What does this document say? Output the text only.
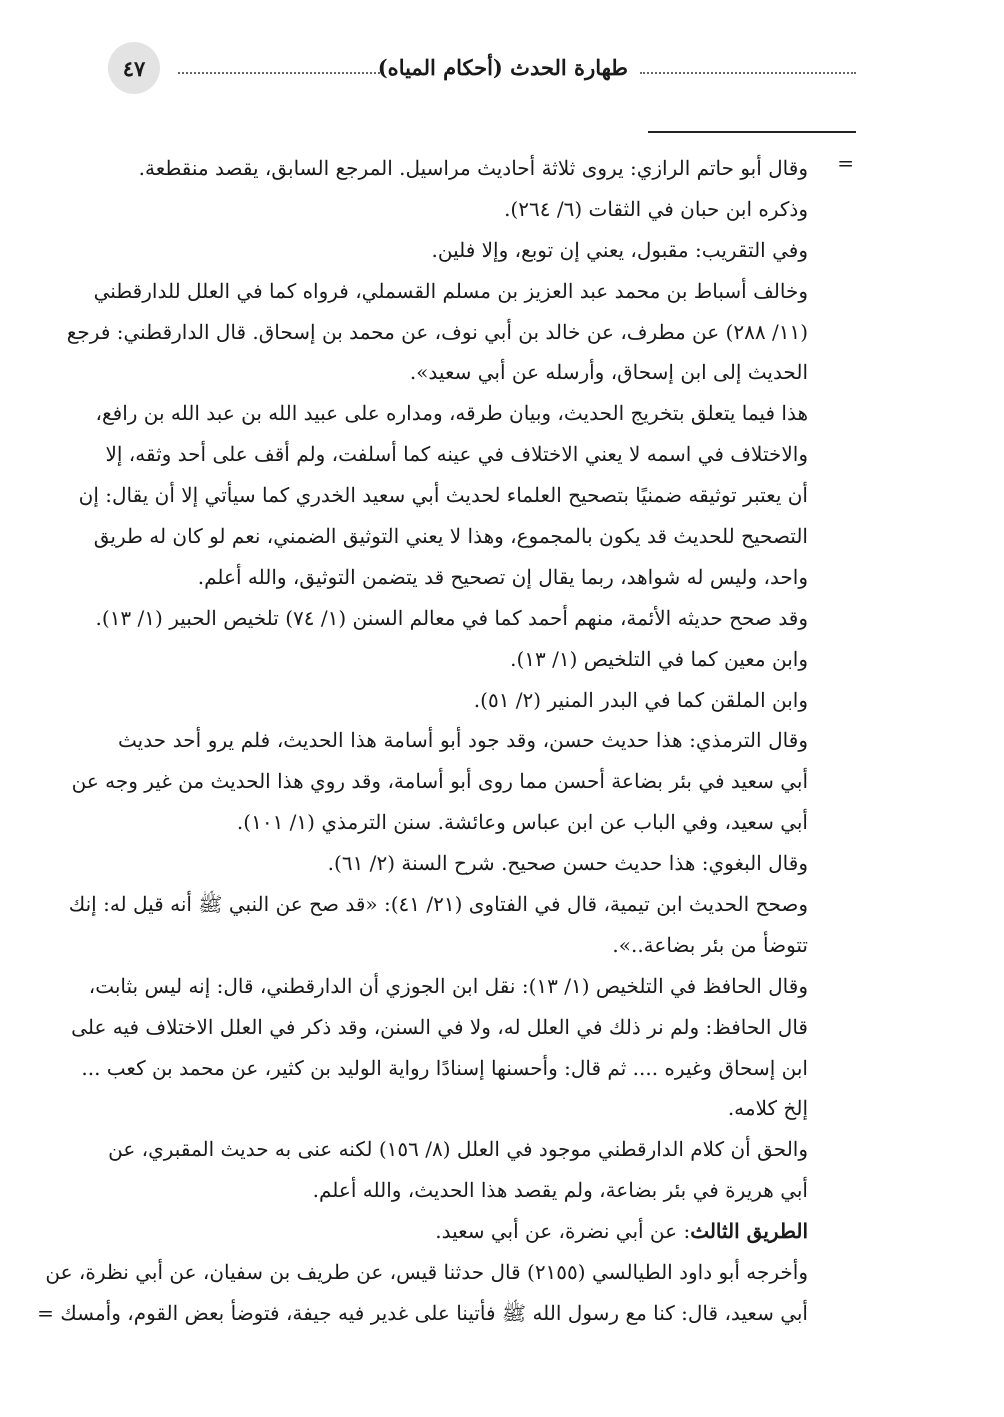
٤٧	طهارة الحدث (أحكام المياه)
=
وقال أبو حاتم الرازي: يروى ثلاثة أحاديث مراسيل. المرجع السابق، يقصد منقطعة.
وذكره ابن حبان في الثقات (٦/ ٢٦٤).
وفي التقريب: مقبول، يعني إن توبع، وإلا فلين.
وخالف أسباط بن محمد عبد العزيز بن مسلم القسملي، فرواه كما في العلل للدارقطني
(١١/ ٢٨٨) عن مطرف، عن خالد بن أبي نوف، عن محمد بن إسحاق. قال الدارقطني: فرجع
الحديث إلى ابن إسحاق، وأرسله عن أبي سعيد».
هذا فيما يتعلق بتخريج الحديث، وبيان طرقه، ومداره على عبيد الله بن عبد الله بن رافع،
والاختلاف في اسمه لا يعني الاختلاف في عينه كما أسلفت، ولم أقف على أحد وثقه، إلا
أن يعتبر توثيقه ضمنيًا بتصحيح العلماء لحديث أبي سعيد الخدري كما سيأتي إلا أن يقال: إن
التصحيح للحديث قد يكون بالمجموع، وهذا لا يعني التوثيق الضمني، نعم لو كان له طريق
واحد، وليس له شواهد، ربما يقال إن تصحيح قد يتضمن التوثيق، والله أعلم.
وقد صحح حديثه الأئمة، منهم أحمد كما في معالم السنن (١/ ٧٤) تلخيص الحبير (١/ ١٣).
وابن معين كما في التلخيص (١/ ١٣).
وابن الملقن كما في البدر المنير (٢/ ٥١).
وقال الترمذي: هذا حديث حسن، وقد جود أبو أسامة هذا الحديث، فلم يرو أحد حديث
أبي سعيد في بئر بضاعة أحسن مما روى أبو أسامة، وقد روي هذا الحديث من غير وجه عن
أبي سعيد، وفي الباب عن ابن عباس وعائشة. سنن الترمذي (١/ ١٠١).
وقال البغوي: هذا حديث حسن صحيح. شرح السنة (٢/ ٦١).
وصحح الحديث ابن تيمية، قال في الفتاوى (٢١/ ٤١): «قد صح عن النبي ﷺ أنه قيل له: إنك
تتوضأ من بئر بضاعة..».
وقال الحافظ في التلخيص (١/ ١٣): نقل ابن الجوزي أن الدارقطني، قال: إنه ليس بثابت،
قال الحافظ: ولم نر ذلك في العلل له، ولا في السنن، وقد ذكر في العلل الاختلاف فيه على
ابن إسحاق وغيره .... ثم قال: وأحسنها إسنادًا رواية الوليد بن كثير، عن محمد بن كعب ...
إلخ كلامه.
والحق أن كلام الدارقطني موجود في العلل (٨/ ١٥٦) لكنه عنى به حديث المقبري، عن
أبي هريرة في بئر بضاعة، ولم يقصد هذا الحديث، والله أعلم.
الطريق الثالث: عن أبي نضرة، عن أبي سعيد.
وأخرجه أبو داود الطيالسي (٢١٥٥) قال حدثنا قيس، عن طريف بن سفيان، عن أبي نظرة، عن
أبي سعيد، قال: كنا مع رسول الله ﷺ فأتينا على غدير فيه جيفة، فتوضأ بعض القوم، وأمسك =
